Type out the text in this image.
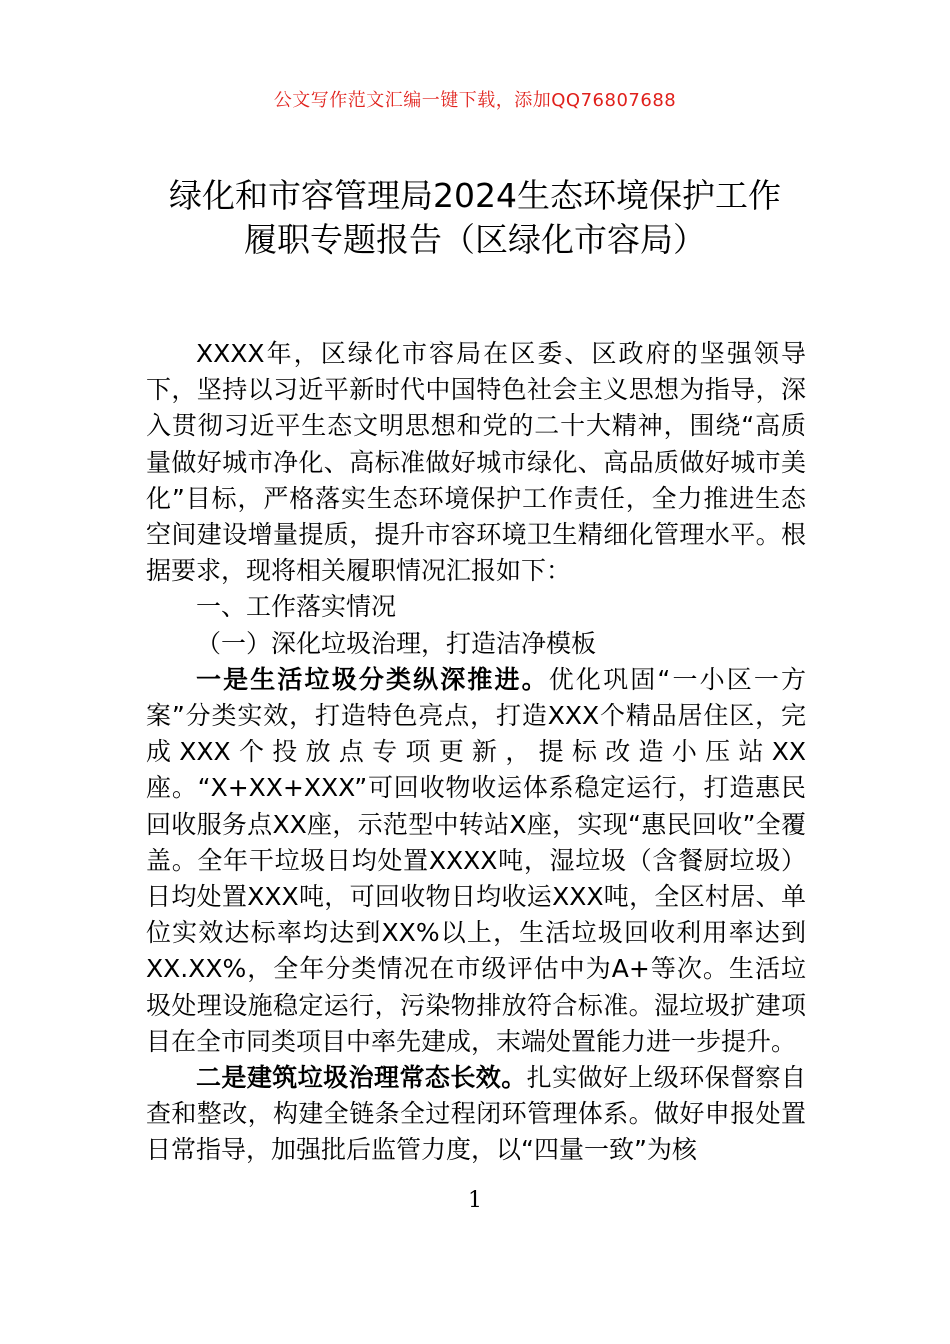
公文写作范文汇编一键下载，添加QQ76807688
绿化和市容管理局2024生态环境保护工作
履职专题报告（区绿化市容局）

XXXX年，区绿化市容局在区委、区政府的坚强领导下，坚持以习近平新时代中国特色社会主义思想为指导，深入贯彻习近平生态文明思想和党的二十大精神，围绕“高质量做好城市净化、高标准做好城市绿化、高品质做好城市美化”目标，严格落实生态环境保护工作责任，全力推进生态空间建设增量提质，提升市容环境卫生精细化管理水平。根据要求，现将相关履职情况汇报如下：

一、工作落实情况

（一）深化垃圾治理，打造洁净模板

一是生活垃圾分类纵深推进。优化巩固“一小区一方案”分类实效，打造特色亮点，打造XXX个精品居住区，完成XXX个投放点专项更新，提标改造小压站XX座。“X+XX+XXX”可回收物收运体系稳定运行，打造惠民回收服务点XX座，示范型中转站X座，实现“惠民回收”全覆盖。全年干垃圾日均处置XXXX吨，湿垃圾（含餐厨垃圾）日均处置XXX吨，可回收物日均收运XXX吨，全区村居、单位实效达标率均达到XX%以上，生活垃圾回收利用率达到XX.XX%，全年分类情况在市级评估中为A+等次。生活垃圾处理设施稳定运行，污染物排放符合标准。湿垃圾扩建项目在全市同类项目中率先建成，末端处置能力进一步提升。

二是建筑垃圾治理常态长效。扎实做好上级环保督察自查和整改，构建全链条全过程闭环管理体系。做好申报处置日常指导，加强批后监管力度，以“四量一致”为核

1
